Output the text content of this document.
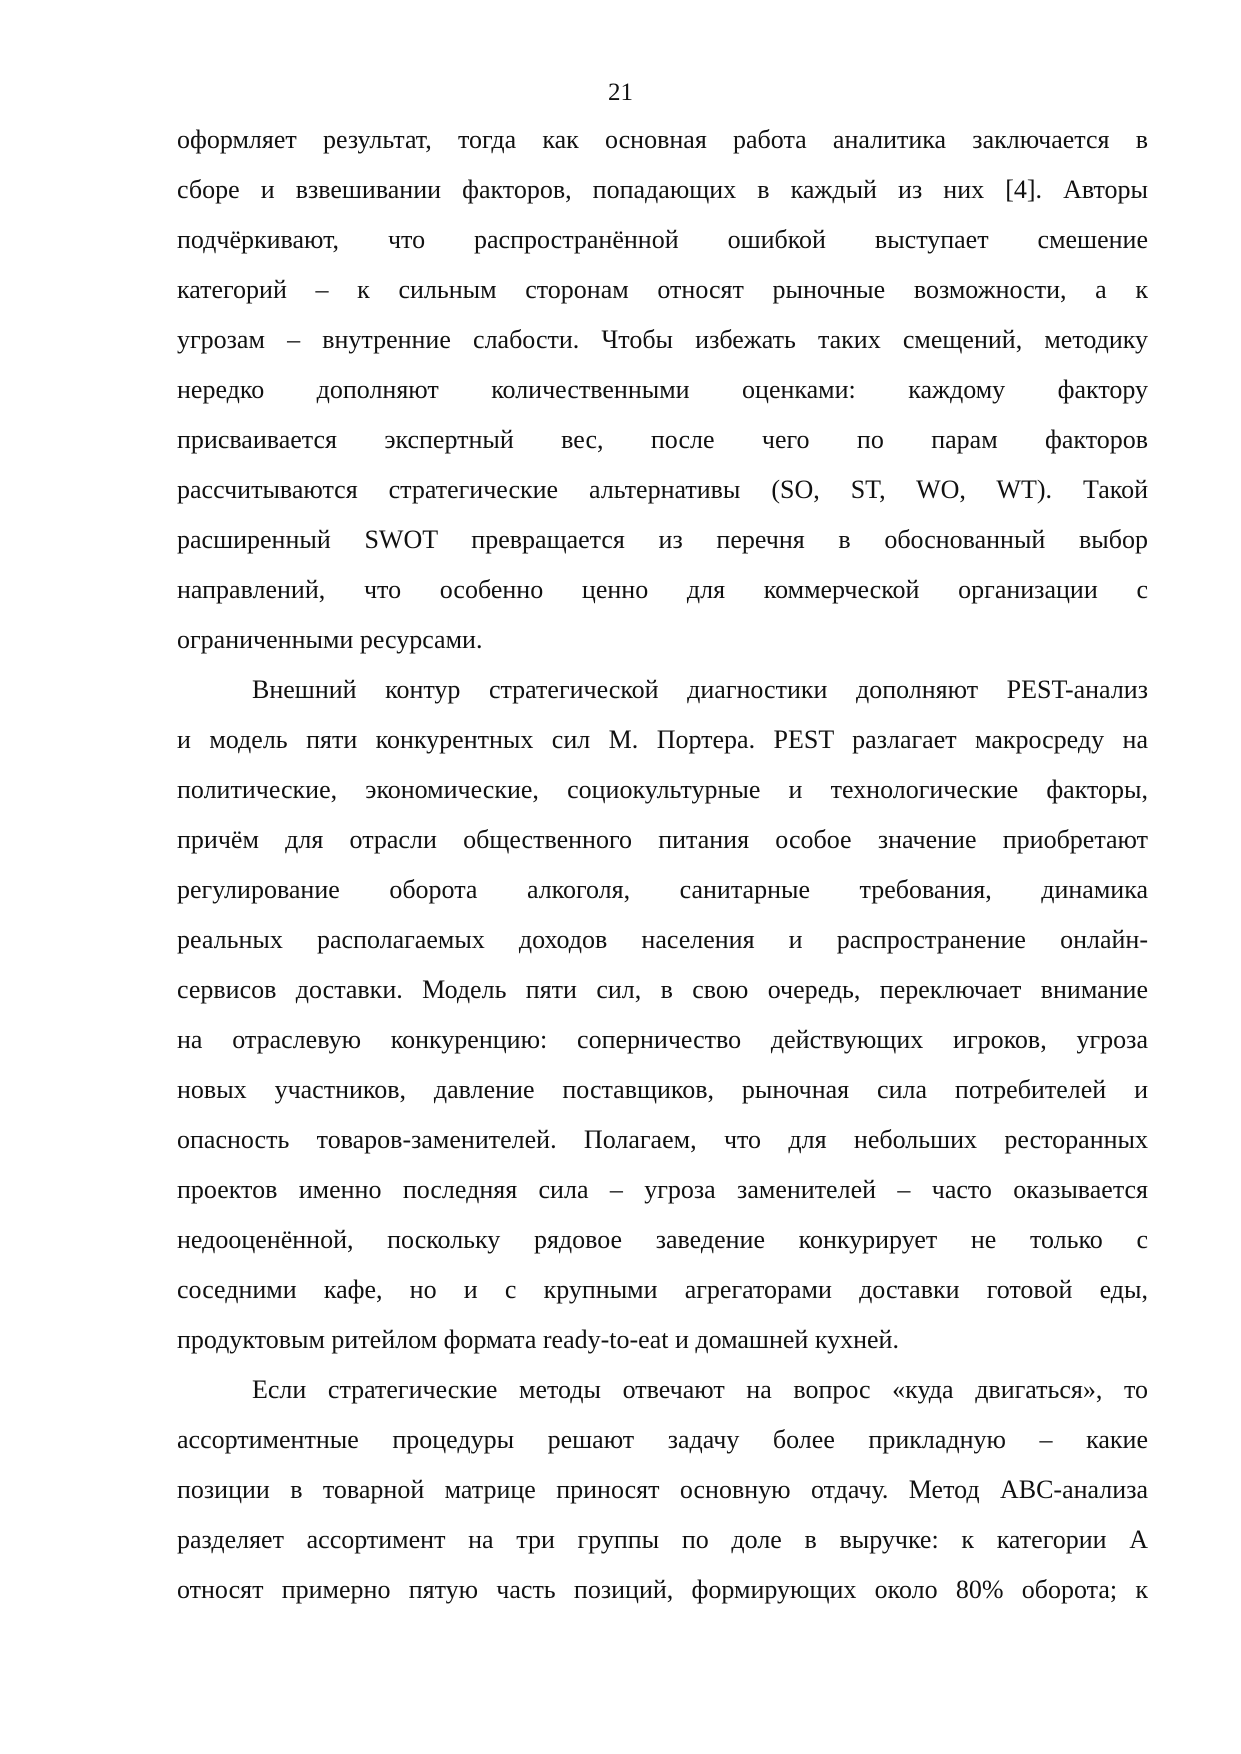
21
оформляет результат, тогда как основная работа аналитика заключается в
сборе и взвешивании факторов, попадающих в каждый из них [4]. Авторы
подчёркивают, что распространённой ошибкой выступает смешение
категорий – к сильным сторонам относят рыночные возможности, а к
угрозам – внутренние слабости. Чтобы избежать таких смещений, методику
нередко дополняют количественными оценками: каждому фактору
присваивается экспертный вес, после чего по парам факторов
рассчитываются стратегические альтернативы (SO, ST, WO, WT). Такой
расширенный SWOT превращается из перечня в обоснованный выбор
направлений, что особенно ценно для коммерческой организации с
ограниченными ресурсами.
Внешний контур стратегической диагностики дополняют PEST-анализ
и модель пяти конкурентных сил М. Портера. PEST разлагает макросреду на
политические, экономические, социокультурные и технологические факторы,
причём для отрасли общественного питания особое значение приобретают
регулирование оборота алкоголя, санитарные требования, динамика
реальных располагаемых доходов населения и распространение онлайн-
сервисов доставки. Модель пяти сил, в свою очередь, переключает внимание
на отраслевую конкуренцию: соперничество действующих игроков, угроза
новых участников, давление поставщиков, рыночная сила потребителей и
опасность товаров-заменителей. Полагаем, что для небольших ресторанных
проектов именно последняя сила – угроза заменителей – часто оказывается
недооценённой, поскольку рядовое заведение конкурирует не только с
соседними кафе, но и с крупными агрегаторами доставки готовой еды,
продуктовым ритейлом формата ready-to-eat и домашней кухней.
Если стратегические методы отвечают на вопрос «куда двигаться», то
ассортиментные процедуры решают задачу более прикладную – какие
позиции в товарной матрице приносят основную отдачу. Метод ABC-анализа
разделяет ассортимент на три группы по доле в выручке: к категории A
относят примерно пятую часть позиций, формирующих около 80% оборота; к
